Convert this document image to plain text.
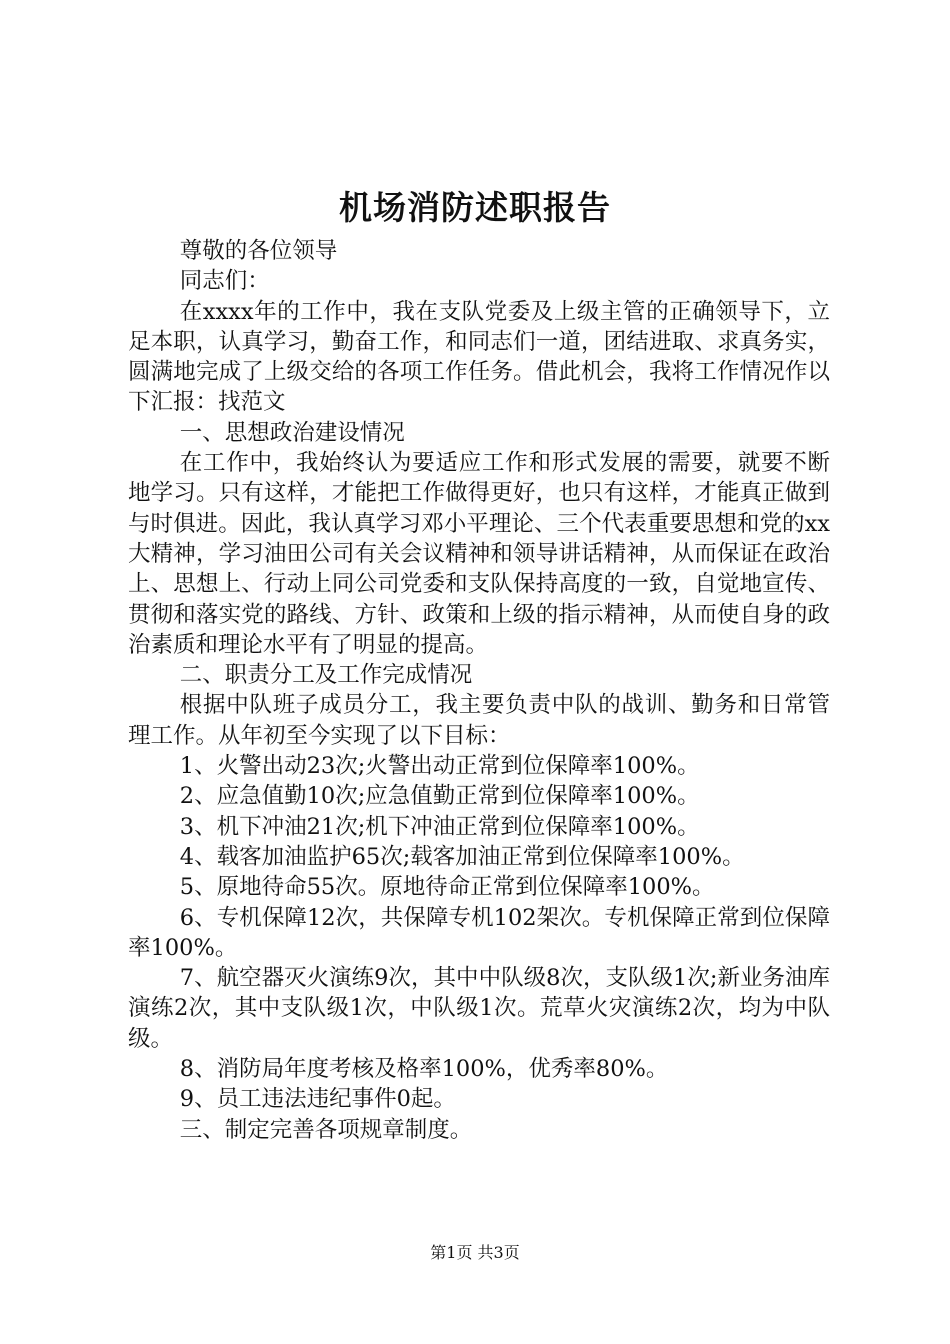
机场消防述职报告

尊敬的各位领导

同志们：

在xxxx年的工作中，我在支队党委及上级主管的正确领导下，立足本职，认真学习，勤奋工作，和同志们一道，团结进取、求真务实，圆满地完成了上级交给的各项工作任务。借此机会，我将工作情况作以下汇报：找范文

一、思想政治建设情况

在工作中，我始终认为要适应工作和形式发展的需要，就要不断地学习。只有这样，才能把工作做得更好，也只有这样，才能真正做到与时俱进。因此，我认真学习邓小平理论、三个代表重要思想和党的xx大精神，学习油田公司有关会议精神和领导讲话精神，从而保证在政治上、思想上、行动上同公司党委和支队保持高度的一致，自觉地宣传、贯彻和落实党的路线、方针、政策和上级的指示精神，从而使自身的政治素质和理论水平有了明显的提高。

二、职责分工及工作完成情况

根据中队班子成员分工，我主要负责中队的战训、勤务和日常管理工作。从年初至今实现了以下目标：

1、火警出动23次;火警出动正常到位保障率100%。

2、应急值勤10次;应急值勤正常到位保障率100%。

3、机下冲油21次;机下冲油正常到位保障率100%。

4、载客加油监护65次;载客加油正常到位保障率100%。

5、原地待命55次。原地待命正常到位保障率100%。

6、专机保障12次，共保障专机102架次。专机保障正常到位保障率100%。

7、航空器灭火演练9次，其中中队级8次，支队级1次;新业务油库演练2次，其中支队级1次，中队级1次。荒草火灾演练2次，均为中队级。

8、消防局年度考核及格率100%，优秀率80%。

9、员工违法违纪事件0起。

三、制定完善各项规章制度。

第1页 共3页
